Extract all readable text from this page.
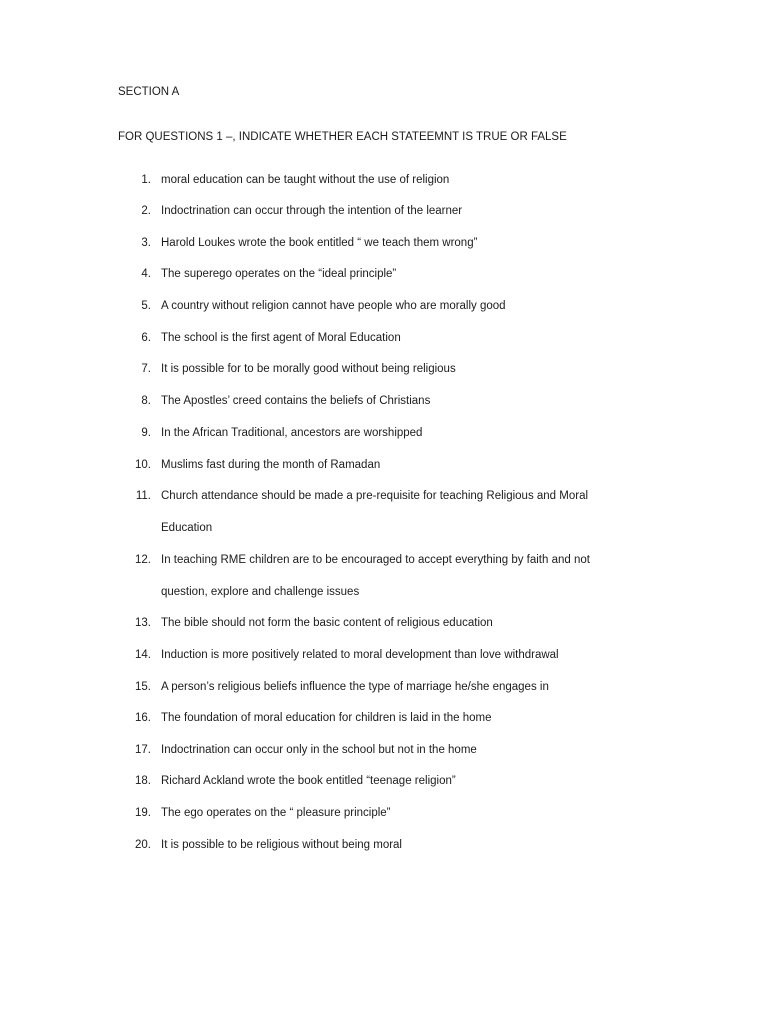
SECTION A
FOR QUESTIONS 1 –, INDICATE WHETHER EACH STATEEMNT IS TRUE OR FALSE
1. moral education can be taught without the use of religion
2. Indoctrination can occur through the intention of the learner
3. Harold Loukes wrote the book entitled “ we teach them wrong”
4. The superego operates on the “ideal principle”
5. A country without religion cannot have people who are morally good
6. The school is the first agent of Moral Education
7. It is possible for to be morally good without being religious
8. The Apostles’ creed contains the beliefs of Christians
9. In the African Traditional, ancestors are worshipped
10. Muslims fast during the month of Ramadan
11. Church attendance should be made a pre-requisite for teaching Religious and Moral
Education
12. In teaching RME children are to be encouraged to accept everything by faith and not
question, explore and challenge issues
13. The bible should not form the basic content of religious education
14. Induction is more positively related to moral development than love withdrawal
15. A person’s religious beliefs influence the type of marriage he/she engages in
16. The foundation of moral education for children is laid in the home
17. Indoctrination can occur only in the school but not in the home
18. Richard Ackland wrote the book entitled “teenage religion”
19. The ego operates on the “ pleasure principle”
20. It is possible to be religious without being moral
